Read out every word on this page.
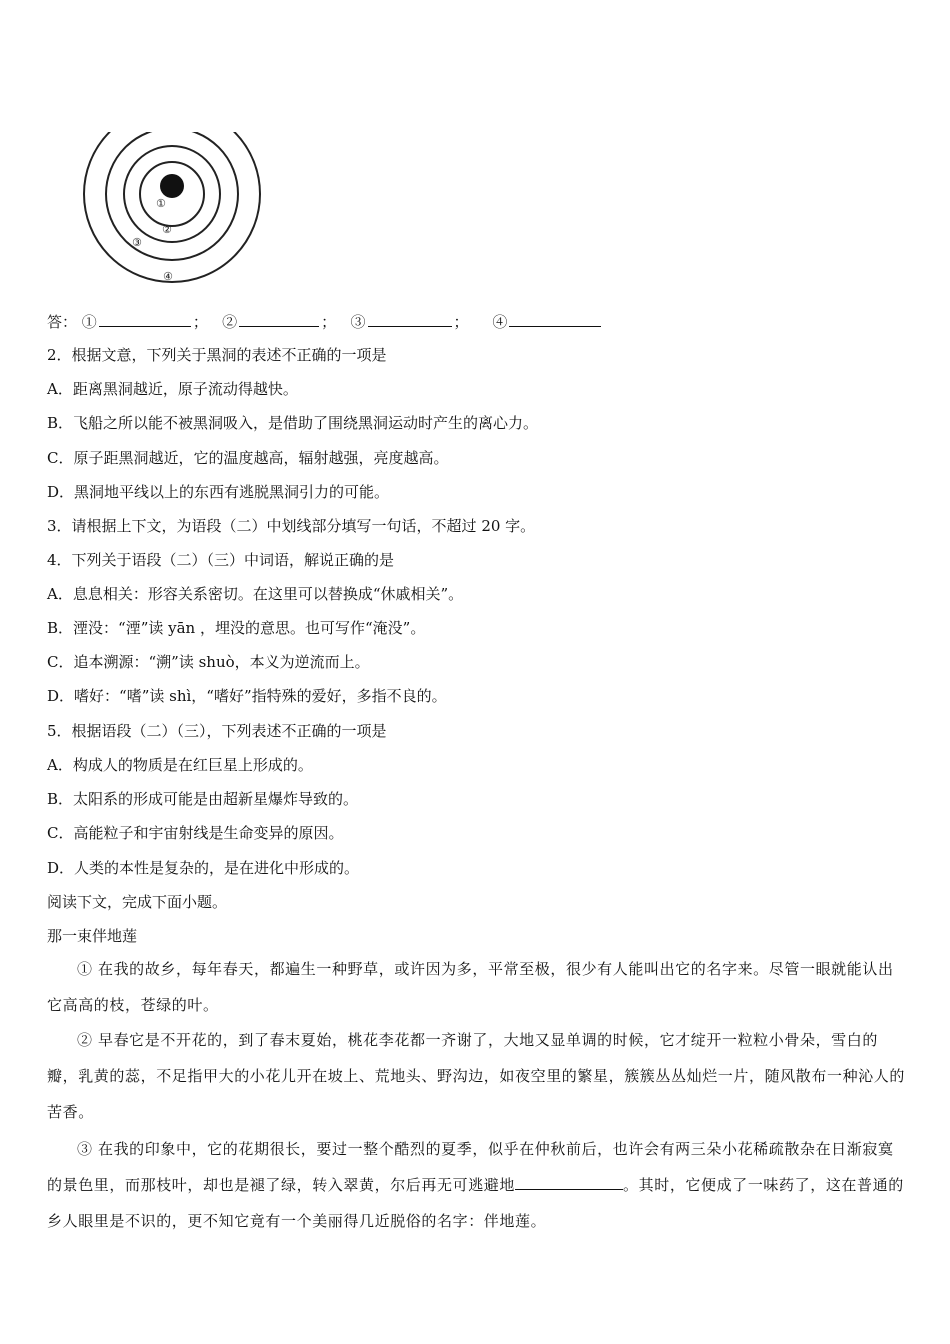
①
②
③
④
答： ①	； ②	； ③	； ④
2．根据文意，下列关于黑洞的表述不正确的一项是
A．距离黑洞越近，原子流动得越快。
B．飞船之所以能不被黑洞吸入，是借助了围绕黑洞运动时产生的离心力。
C．原子距黑洞越近，它的温度越高，辐射越强，亮度越高。
D．黑洞地平线以上的东西有逃脱黑洞引力的可能。
3．请根据上下文，为语段（二）中划线部分填写一句话，不超过 20 字。
4．下列关于语段（二）（三）中词语，解说正确的是
A．息息相关：形容关系密切。在这里可以替换成“休戚相关”。
B．湮没：“湮”读 yān ，埋没的意思。也可写作“淹没”。
C．追本溯源：“溯”读 shuò，本义为逆流而上。
D．嗜好：“嗜”读 shì，“嗜好”指特殊的爱好，多指不良的。
5．根据语段（二）（三），下列表述不正确的一项是
A．构成人的物质是在红巨星上形成的。
B．太阳系的形成可能是由超新星爆炸导致的。
C．高能粒子和宇宙射线是生命变异的原因。
D．人类的本性是复杂的，是在进化中形成的。
阅读下文，完成下面小题。
那一束伴地莲
① 在我的故乡，每年春天，都遍生一种野草，或许因为多，平常至极，很少有人能叫出它的名字来。尽管一眼就能认出它高高的枝，苍绿的叶。
② 早春它是不开花的，到了春末夏始，桃花李花都一齐谢了，大地又显单调的时候，它才绽开一粒粒小骨朵，雪白的瓣，乳黄的蕊，不足指甲大的小花儿开在坡上、荒地头、野沟边，如夜空里的繁星，簇簇丛丛灿烂一片，随风散布一种沁人的苦香。
③ 在我的印象中，它的花期很长，要过一整个酷烈的夏季，似乎在仲秋前后，也许会有两三朵小花稀疏散杂在日渐寂寞的景色里，而那枝叶，却也是褪了绿，转入翠黄，尔后再无可逃避地	。其时，它便成了一味药了，这在普通的乡人眼里是不识的，更不知它竟有一个美丽得几近脱俗的名字：伴地莲。
